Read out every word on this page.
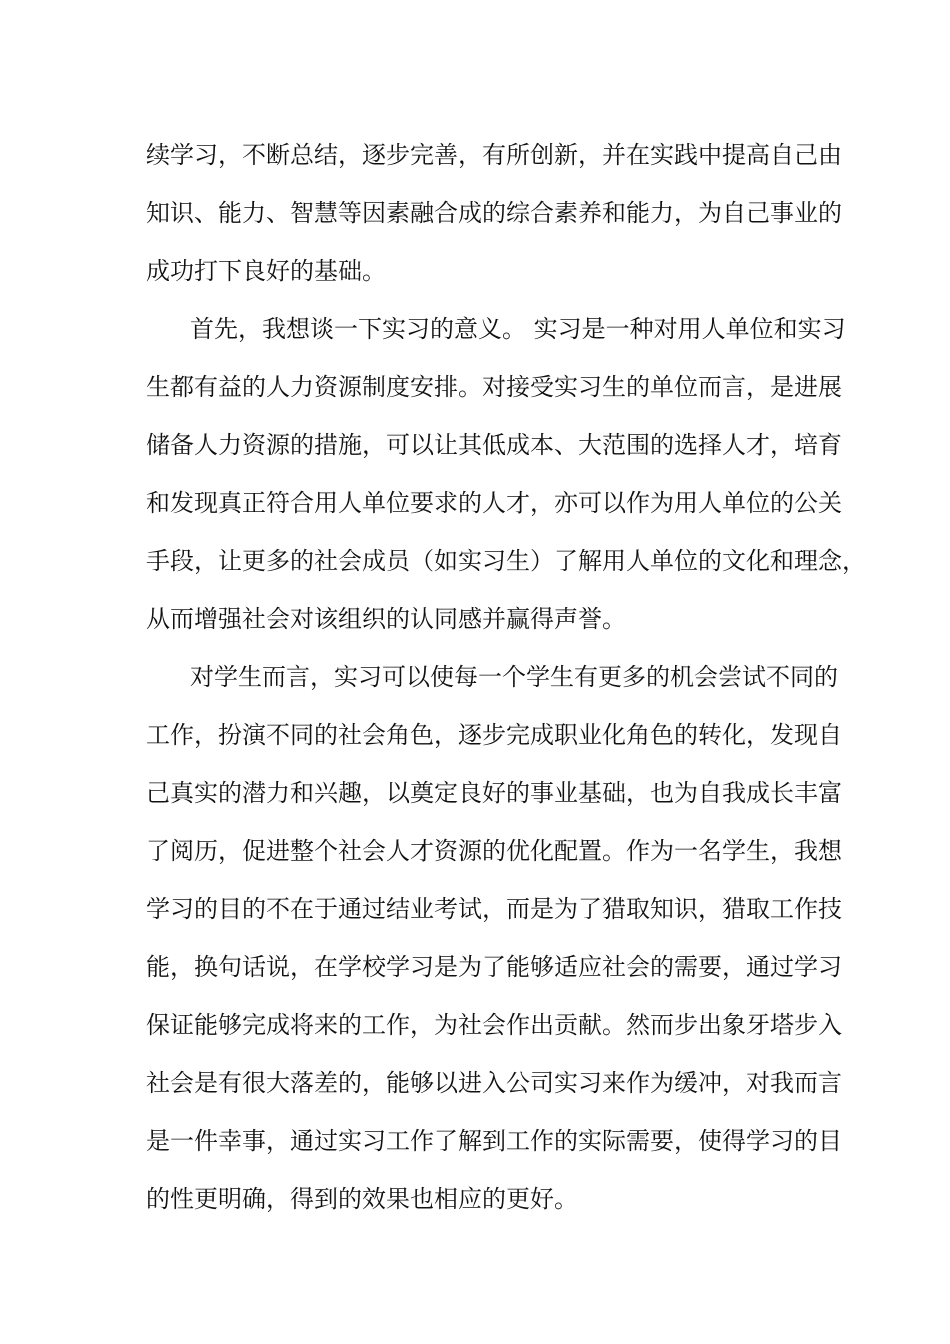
续学习，不断总结，逐步完善，有所创新，并在实践中提高自己由
知识、能力、智慧等因素融合成的综合素养和能力，为自己事业的
成功打下良好的基础。
首先，我想谈一下实习的意义。 实习是一种对用人单位和实习
生都有益的人力资源制度安排。对接受实习生的单位而言，是进展
储备人力资源的措施，可以让其低成本、大范围的选择人才，培育
和发现真正符合用人单位要求的人才，亦可以作为用人单位的公关
手段，让更多的社会成员（如实习生）了解用人单位的文化和理念，
从而增强社会对该组织的认同感并赢得声誉。
对学生而言，实习可以使每一个学生有更多的机会尝试不同的
工作，扮演不同的社会角色，逐步完成职业化角色的转化，发现自
己真实的潜力和兴趣，以奠定良好的事业基础，也为自我成长丰富
了阅历，促进整个社会人才资源的优化配置。作为一名学生，我想
学习的目的不在于通过结业考试，而是为了猎取知识，猎取工作技
能，换句话说，在学校学习是为了能够适应社会的需要，通过学习
保证能够完成将来的工作，为社会作出贡献。然而步出象牙塔步入
社会是有很大落差的，能够以进入公司实习来作为缓冲，对我而言
是一件幸事，通过实习工作了解到工作的实际需要，使得学习的目
的性更明确，得到的效果也相应的更好。
